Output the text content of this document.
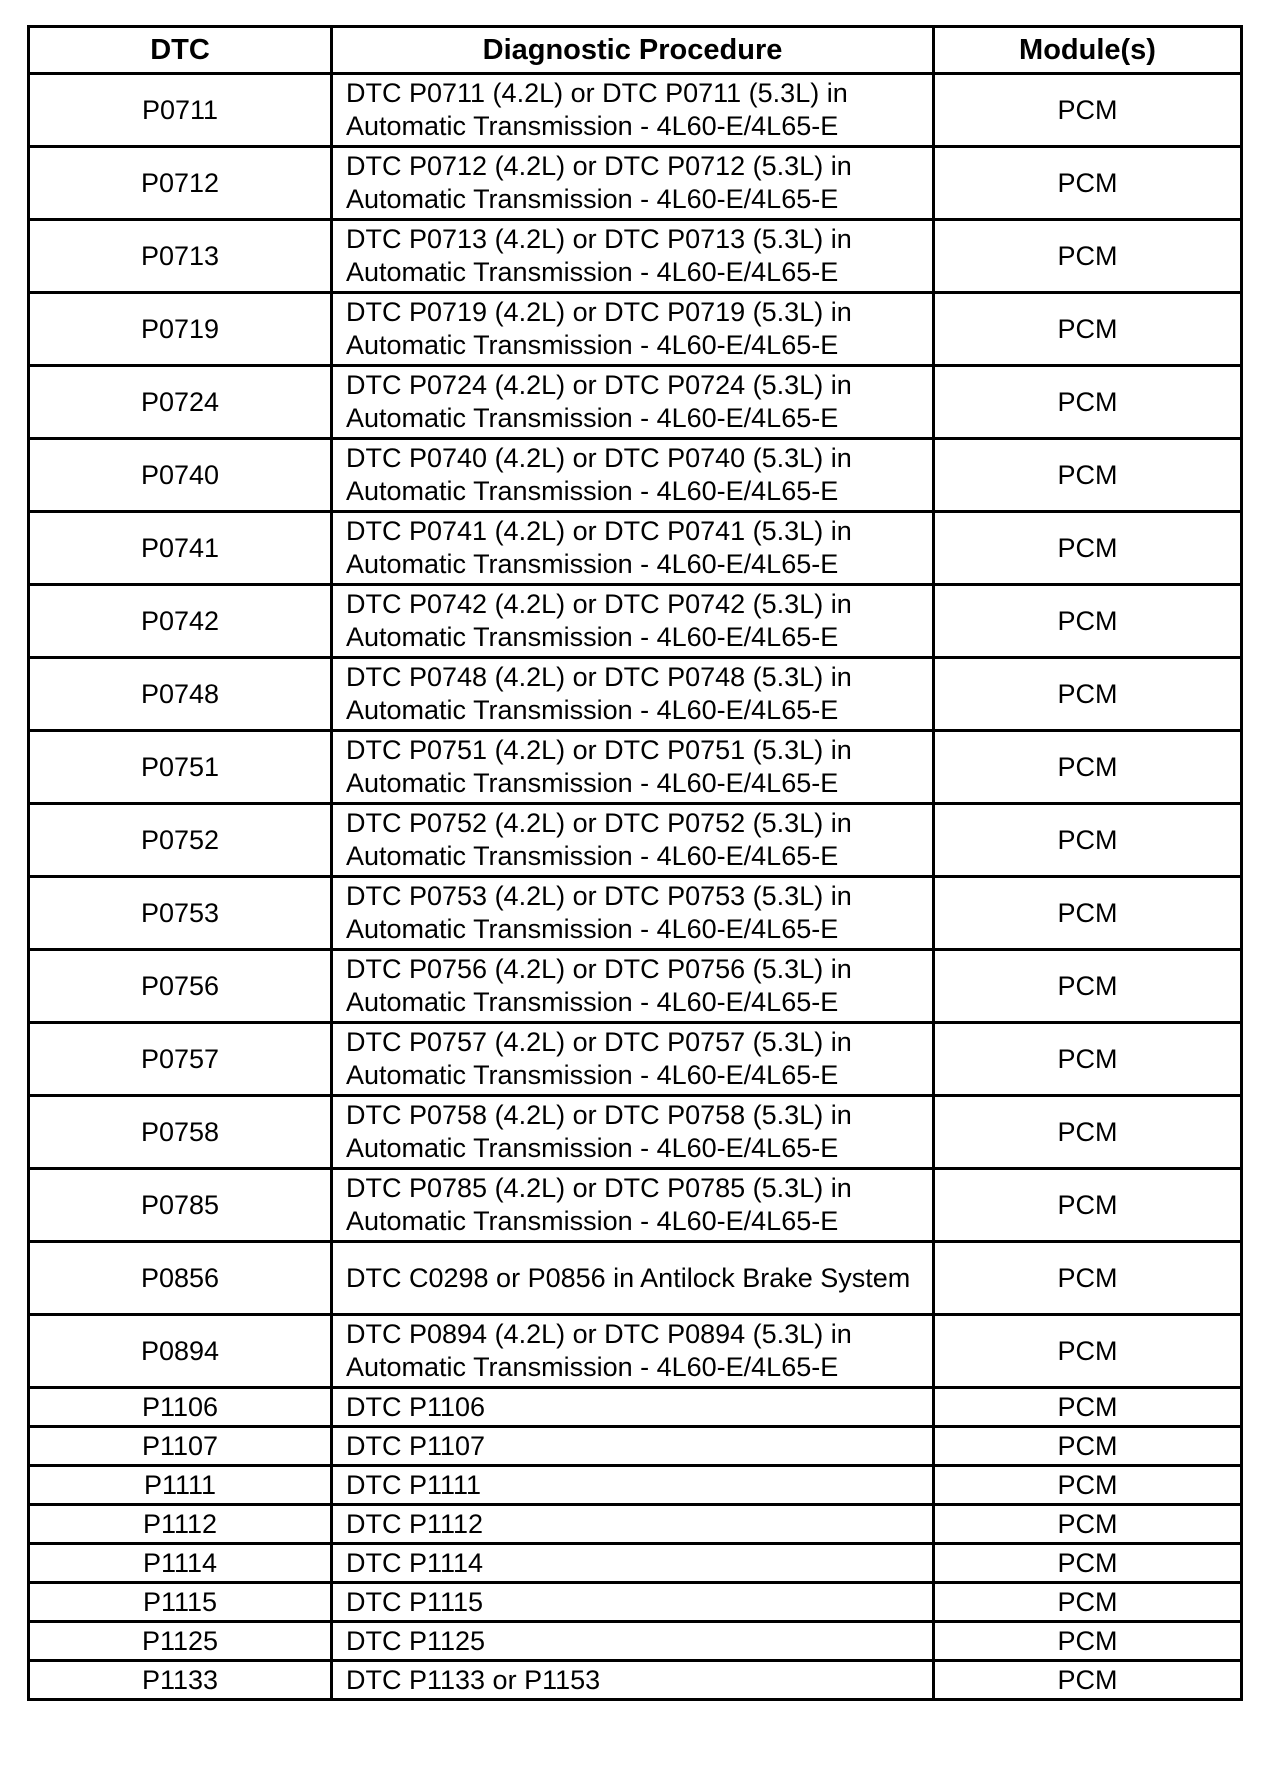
DTC	Diagnostic Procedure	Module(s)
P0711	DTC P0711 (4.2L) or DTC P0711 (5.3L) in Automatic Transmission - 4L60-E/4L65-E	PCM
P0712	DTC P0712 (4.2L) or DTC P0712 (5.3L) in Automatic Transmission - 4L60-E/4L65-E	PCM
P0713	DTC P0713 (4.2L) or DTC P0713 (5.3L) in Automatic Transmission - 4L60-E/4L65-E	PCM
P0719	DTC P0719 (4.2L) or DTC P0719 (5.3L) in Automatic Transmission - 4L60-E/4L65-E	PCM
P0724	DTC P0724 (4.2L) or DTC P0724 (5.3L) in Automatic Transmission - 4L60-E/4L65-E	PCM
P0740	DTC P0740 (4.2L) or DTC P0740 (5.3L) in Automatic Transmission - 4L60-E/4L65-E	PCM
P0741	DTC P0741 (4.2L) or DTC P0741 (5.3L) in Automatic Transmission - 4L60-E/4L65-E	PCM
P0742	DTC P0742 (4.2L) or DTC P0742 (5.3L) in Automatic Transmission - 4L60-E/4L65-E	PCM
P0748	DTC P0748 (4.2L) or DTC P0748 (5.3L) in Automatic Transmission - 4L60-E/4L65-E	PCM
P0751	DTC P0751 (4.2L) or DTC P0751 (5.3L) in Automatic Transmission - 4L60-E/4L65-E	PCM
P0752	DTC P0752 (4.2L) or DTC P0752 (5.3L) in Automatic Transmission - 4L60-E/4L65-E	PCM
P0753	DTC P0753 (4.2L) or DTC P0753 (5.3L) in Automatic Transmission - 4L60-E/4L65-E	PCM
P0756	DTC P0756 (4.2L) or DTC P0756 (5.3L) in Automatic Transmission - 4L60-E/4L65-E	PCM
P0757	DTC P0757 (4.2L) or DTC P0757 (5.3L) in Automatic Transmission - 4L60-E/4L65-E	PCM
P0758	DTC P0758 (4.2L) or DTC P0758 (5.3L) in Automatic Transmission - 4L60-E/4L65-E	PCM
P0785	DTC P0785 (4.2L) or DTC P0785 (5.3L) in Automatic Transmission - 4L60-E/4L65-E	PCM
P0856	DTC C0298 or P0856 in Antilock Brake System	PCM
P0894	DTC P0894 (4.2L) or DTC P0894 (5.3L) in Automatic Transmission - 4L60-E/4L65-E	PCM
P1106	DTC P1106	PCM
P1107	DTC P1107	PCM
P1111	DTC P1111	PCM
P1112	DTC P1112	PCM
P1114	DTC P1114	PCM
P1115	DTC P1115	PCM
P1125	DTC P1125	PCM
P1133	DTC P1133 or P1153	PCM
